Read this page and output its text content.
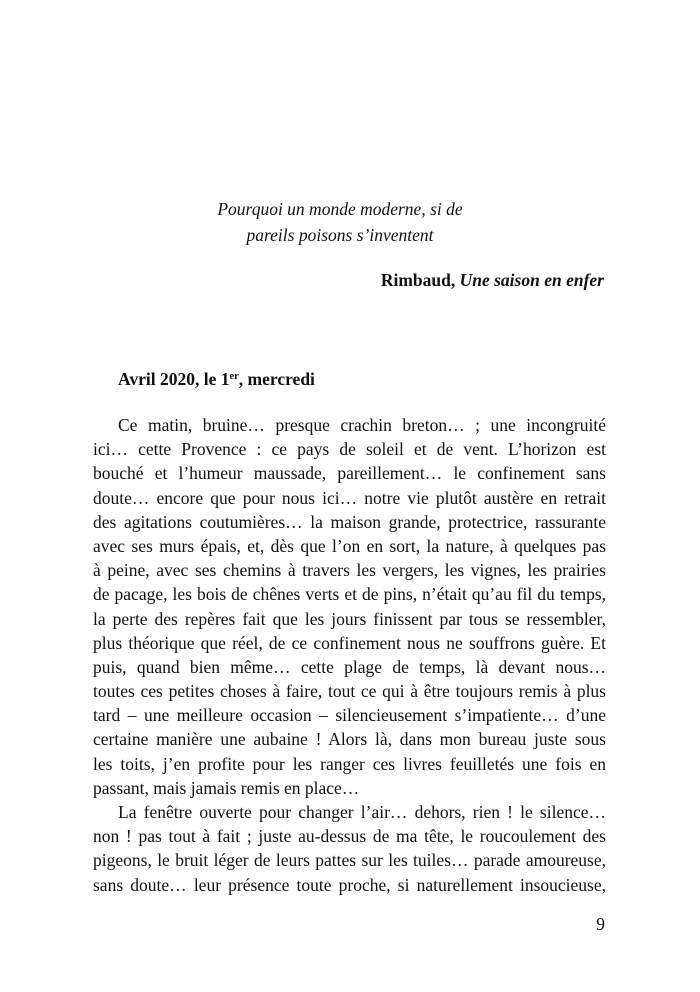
Pourquoi un monde moderne, si de
pareils poisons s’inventent
Rimbaud, Une saison en enfer
Avril 2020, le 1er, mercredi
Ce matin, bruine… presque crachin breton… ; une incongruité
ici… cette Provence : ce pays de soleil et de vent. L’horizon est
bouché et l’humeur maussade, pareillement… le confinement sans
doute… encore que pour nous ici… notre vie plutôt austère en retrait
des agitations coutumières… la maison grande, protectrice, rassurante
avec ses murs épais, et, dès que l’on en sort, la nature, à quelques pas
à peine, avec ses chemins à travers les vergers, les vignes, les prairies
de pacage, les bois de chênes verts et de pins, n’était qu’au fil du temps,
la perte des repères fait que les jours finissent par tous se ressembler,
plus théorique que réel, de ce confinement nous ne souffrons guère. Et
puis, quand bien même… cette plage de temps, là devant nous…
toutes ces petites choses à faire, tout ce qui à être toujours remis à plus
tard – une meilleure occasion – silencieusement s’impatiente… d’une
certaine manière une aubaine ! Alors là, dans mon bureau juste sous
les toits, j’en profite pour les ranger ces livres feuilletés une fois en
passant, mais jamais remis en place…
La fenêtre ouverte pour changer l’air… dehors, rien ! le silence…
non ! pas tout à fait ; juste au-dessus de ma tête, le roucoulement des
pigeons, le bruit léger de leurs pattes sur les tuiles… parade amoureuse,
sans doute… leur présence toute proche, si naturellement insoucieuse,
9
